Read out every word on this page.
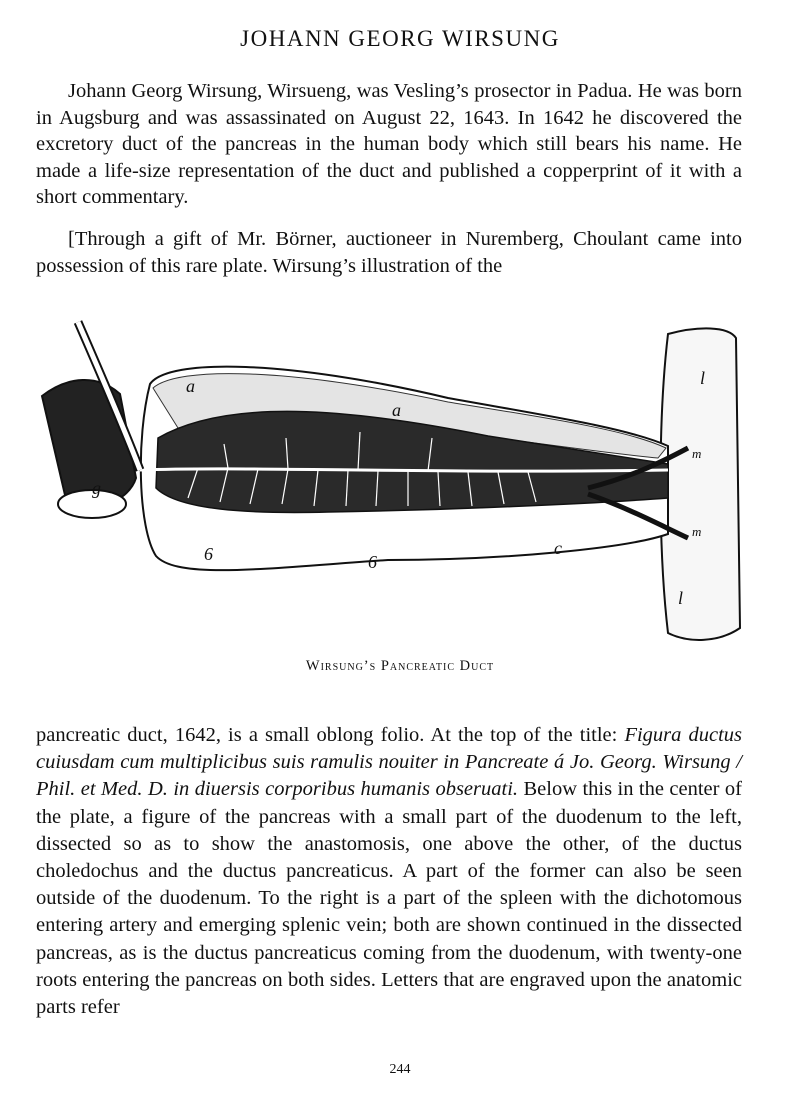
JOHANN GEORG WIRSUNG

Johann Georg Wirsung, Wirsueng, was Vesling’s prosector in Padua. He was born in Augsburg and was assassinated on August 22, 1643. In 1642 he discovered the excretory duct of the pancreas in the human body which still bears his name. He made a life-size representation of the duct and published a copperprint of it with a short commentary.

[Through a gift of Mr. Börner, auctioneer in Nuremberg, Choulant came into possession of this rare plate. Wirsung’s illustration of the

a
a
g
6	6
c
l
l
m
m
Wirsung’s Pancreatic Duct

pancreatic duct, 1642, is a small oblong folio. At the top of the title: Figura ductus cuiusdam cum multiplicibus suis ramulis nouiter in Pancreate á Jo. Georg. Wirsung / Phil. et Med. D. in diuersis corporibus humanis obseruati. Below this in the center of the plate, a figure of the pancreas with a small part of the duodenum to the left, dissected so as to show the anastomosis, one above the other, of the ductus choledochus and the ductus pancreaticus. A part of the former can also be seen outside of the duodenum. To the right is a part of the spleen with the dichotomous entering artery and emerging splenic vein; both are shown continued in the dissected pancreas, as is the ductus pancreaticus coming from the duodenum, with twenty-one roots entering the pancreas on both sides. Letters that are engraved upon the anatomic parts refer

244
